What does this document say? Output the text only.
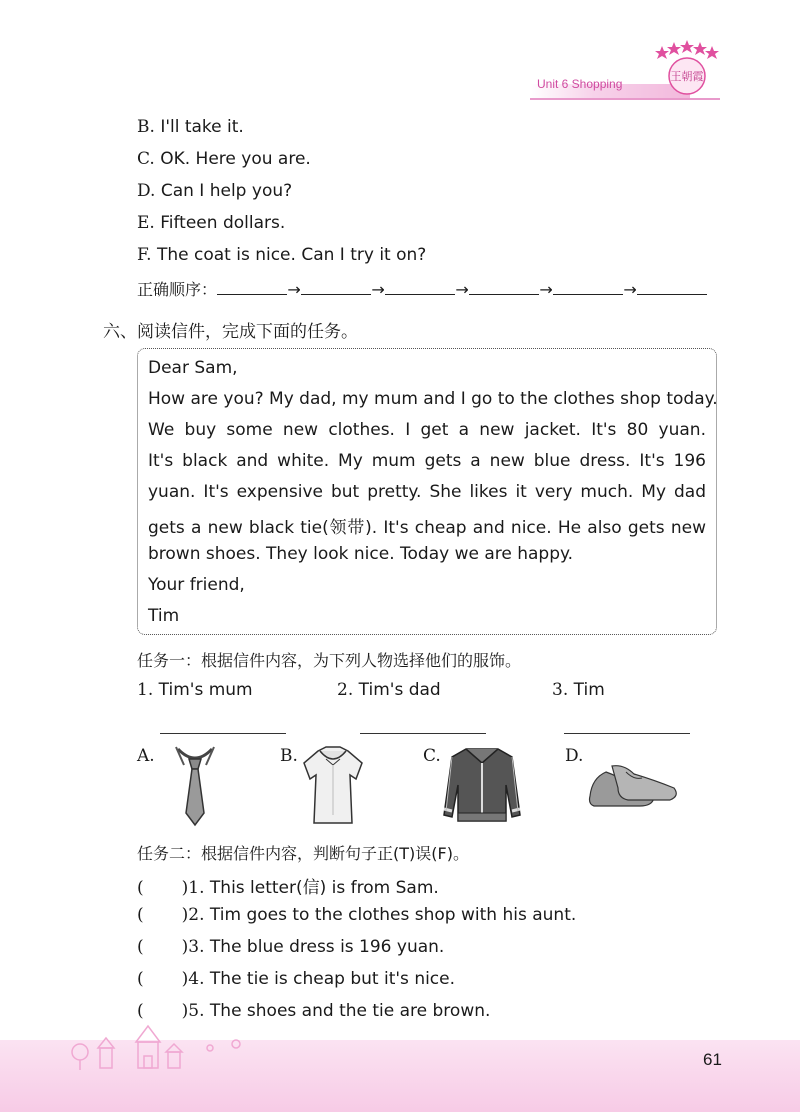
Unit 6 Shopping
王朝霞
B. I'll take it.
C. OK. Here you are.
D. Can I help you?
E. Fifteen dollars.
F. The coat is nice. Can I try it on?
正确顺序：	→	→	→	→	→
六、阅读信件，完成下面的任务。
Dear Sam,
How are you? My dad, my mum and I go to the clothes shop today.
We buy some new clothes. I get a new jacket. It's 80 yuan.
It's black and white. My mum gets a new blue dress. It's 196
yuan. It's expensive but pretty. She likes it very much. My dad
gets a new black tie(领带). It's cheap and nice. He also gets new
brown shoes. They look nice. Today we are happy.
Your friend,
Tim
任务一：根据信件内容，为下列人物选择他们的服饰。
1. Tim's mum	2. Tim's dad	3. Tim
A.	B.	C.	D.
任务二：根据信件内容，判断句子正(T)误(F)。
( )1. This letter(信) is from Sam.
( )2. Tim goes to the clothes shop with his aunt.
( )3. The blue dress is 196 yuan.
( )4. The tie is cheap but it's nice.
( )5. The shoes and the tie are brown.
61
